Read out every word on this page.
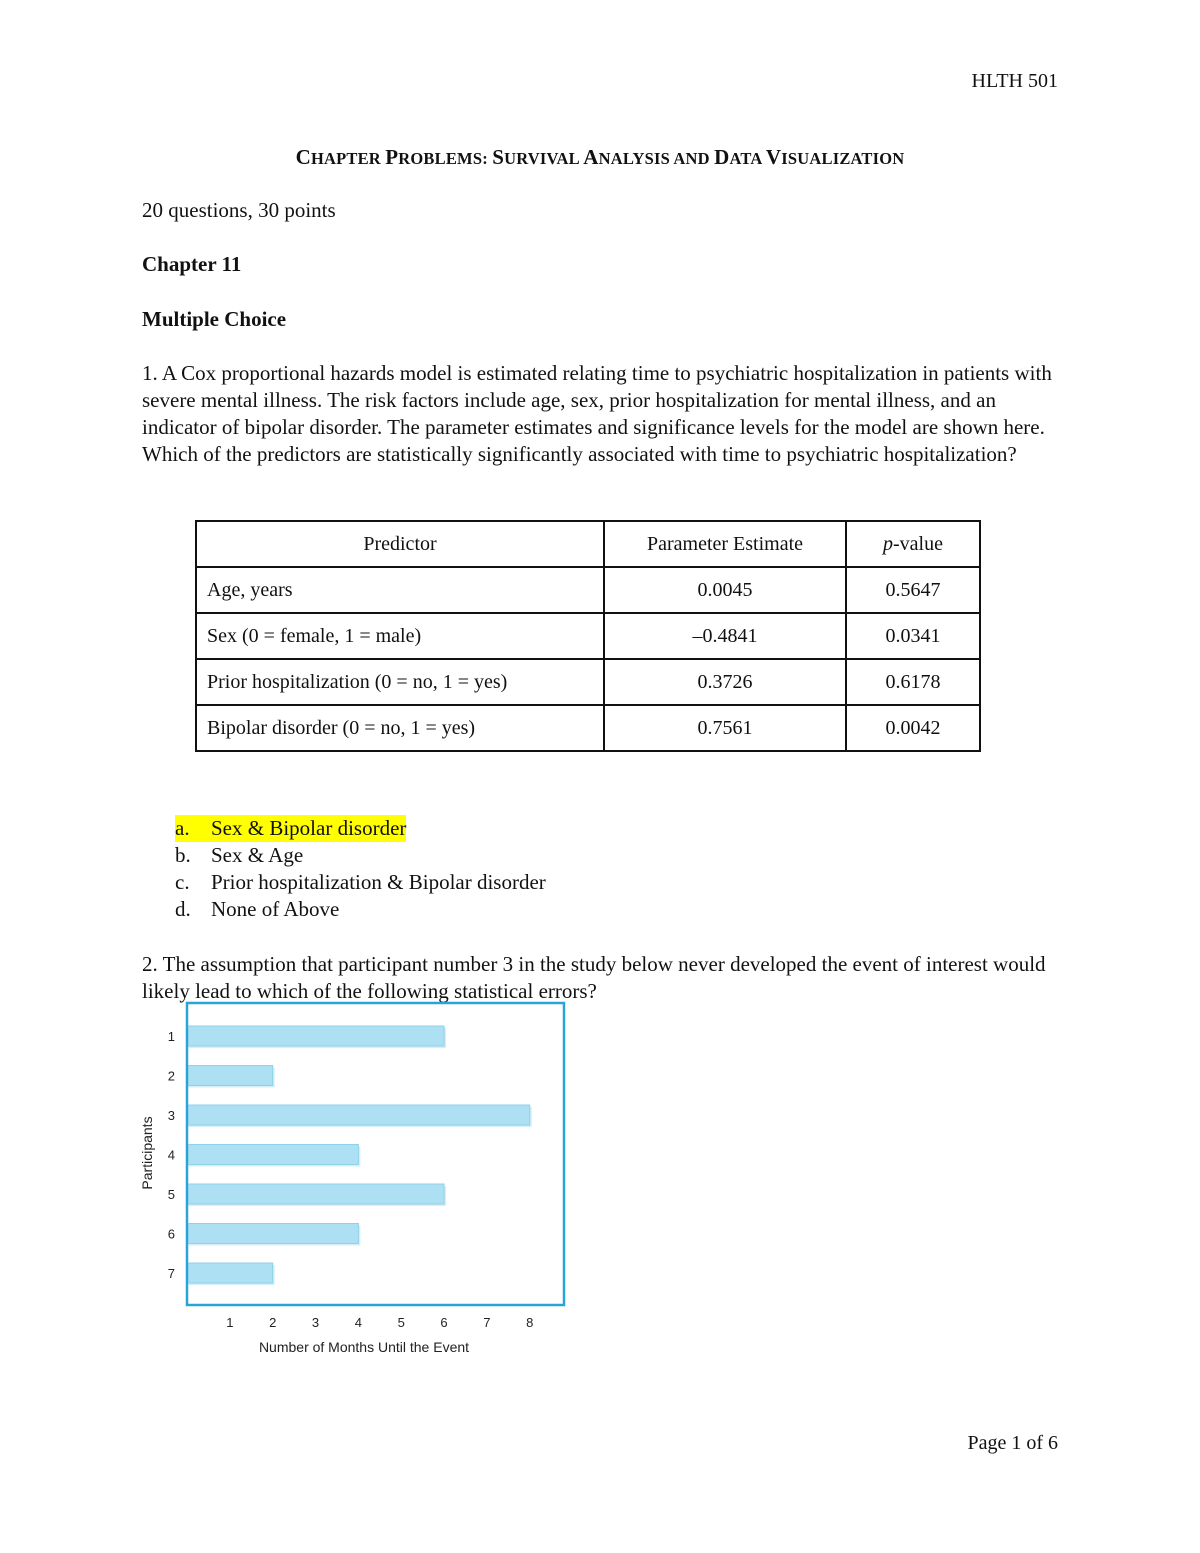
HLTH 501
CHAPTER PROBLEMS: SURVIVAL ANALYSIS AND DATA VISUALIZATION
20 questions, 30 points
Chapter 11
Multiple Choice
1. A Cox proportional hazards model is estimated relating time to psychiatric hospitalization in patients with severe mental illness. The risk factors include age, sex, prior hospitalization for mental illness, and an indicator of bipolar disorder. The parameter estimates and significance levels for the model are shown here. Which of the predictors are statistically significantly associated with time to psychiatric hospitalization?
Predictor	Parameter Estimate	p-value
Age, years	0.0045	0.5647
Sex (0 = female, 1 = male)	–0.4841	0.0341
Prior hospitalization (0 = no, 1 = yes)	0.3726	0.6178
Bipolar disorder (0 = no, 1 = yes)	0.7561	0.0042
a.	Sex & Bipolar disorder
b. Sex & Age
c.	Prior hospitalization & Bipolar disorder
d. None of Above
2. The assumption that participant number 3 in the study below never developed the event of interest would likely lead to which of the following statistical errors?
1
2
3
4
5
6
7
1	2	3	4	5	6	7	8
Number of Months Until the Event
Participants
Page 1 of 6
